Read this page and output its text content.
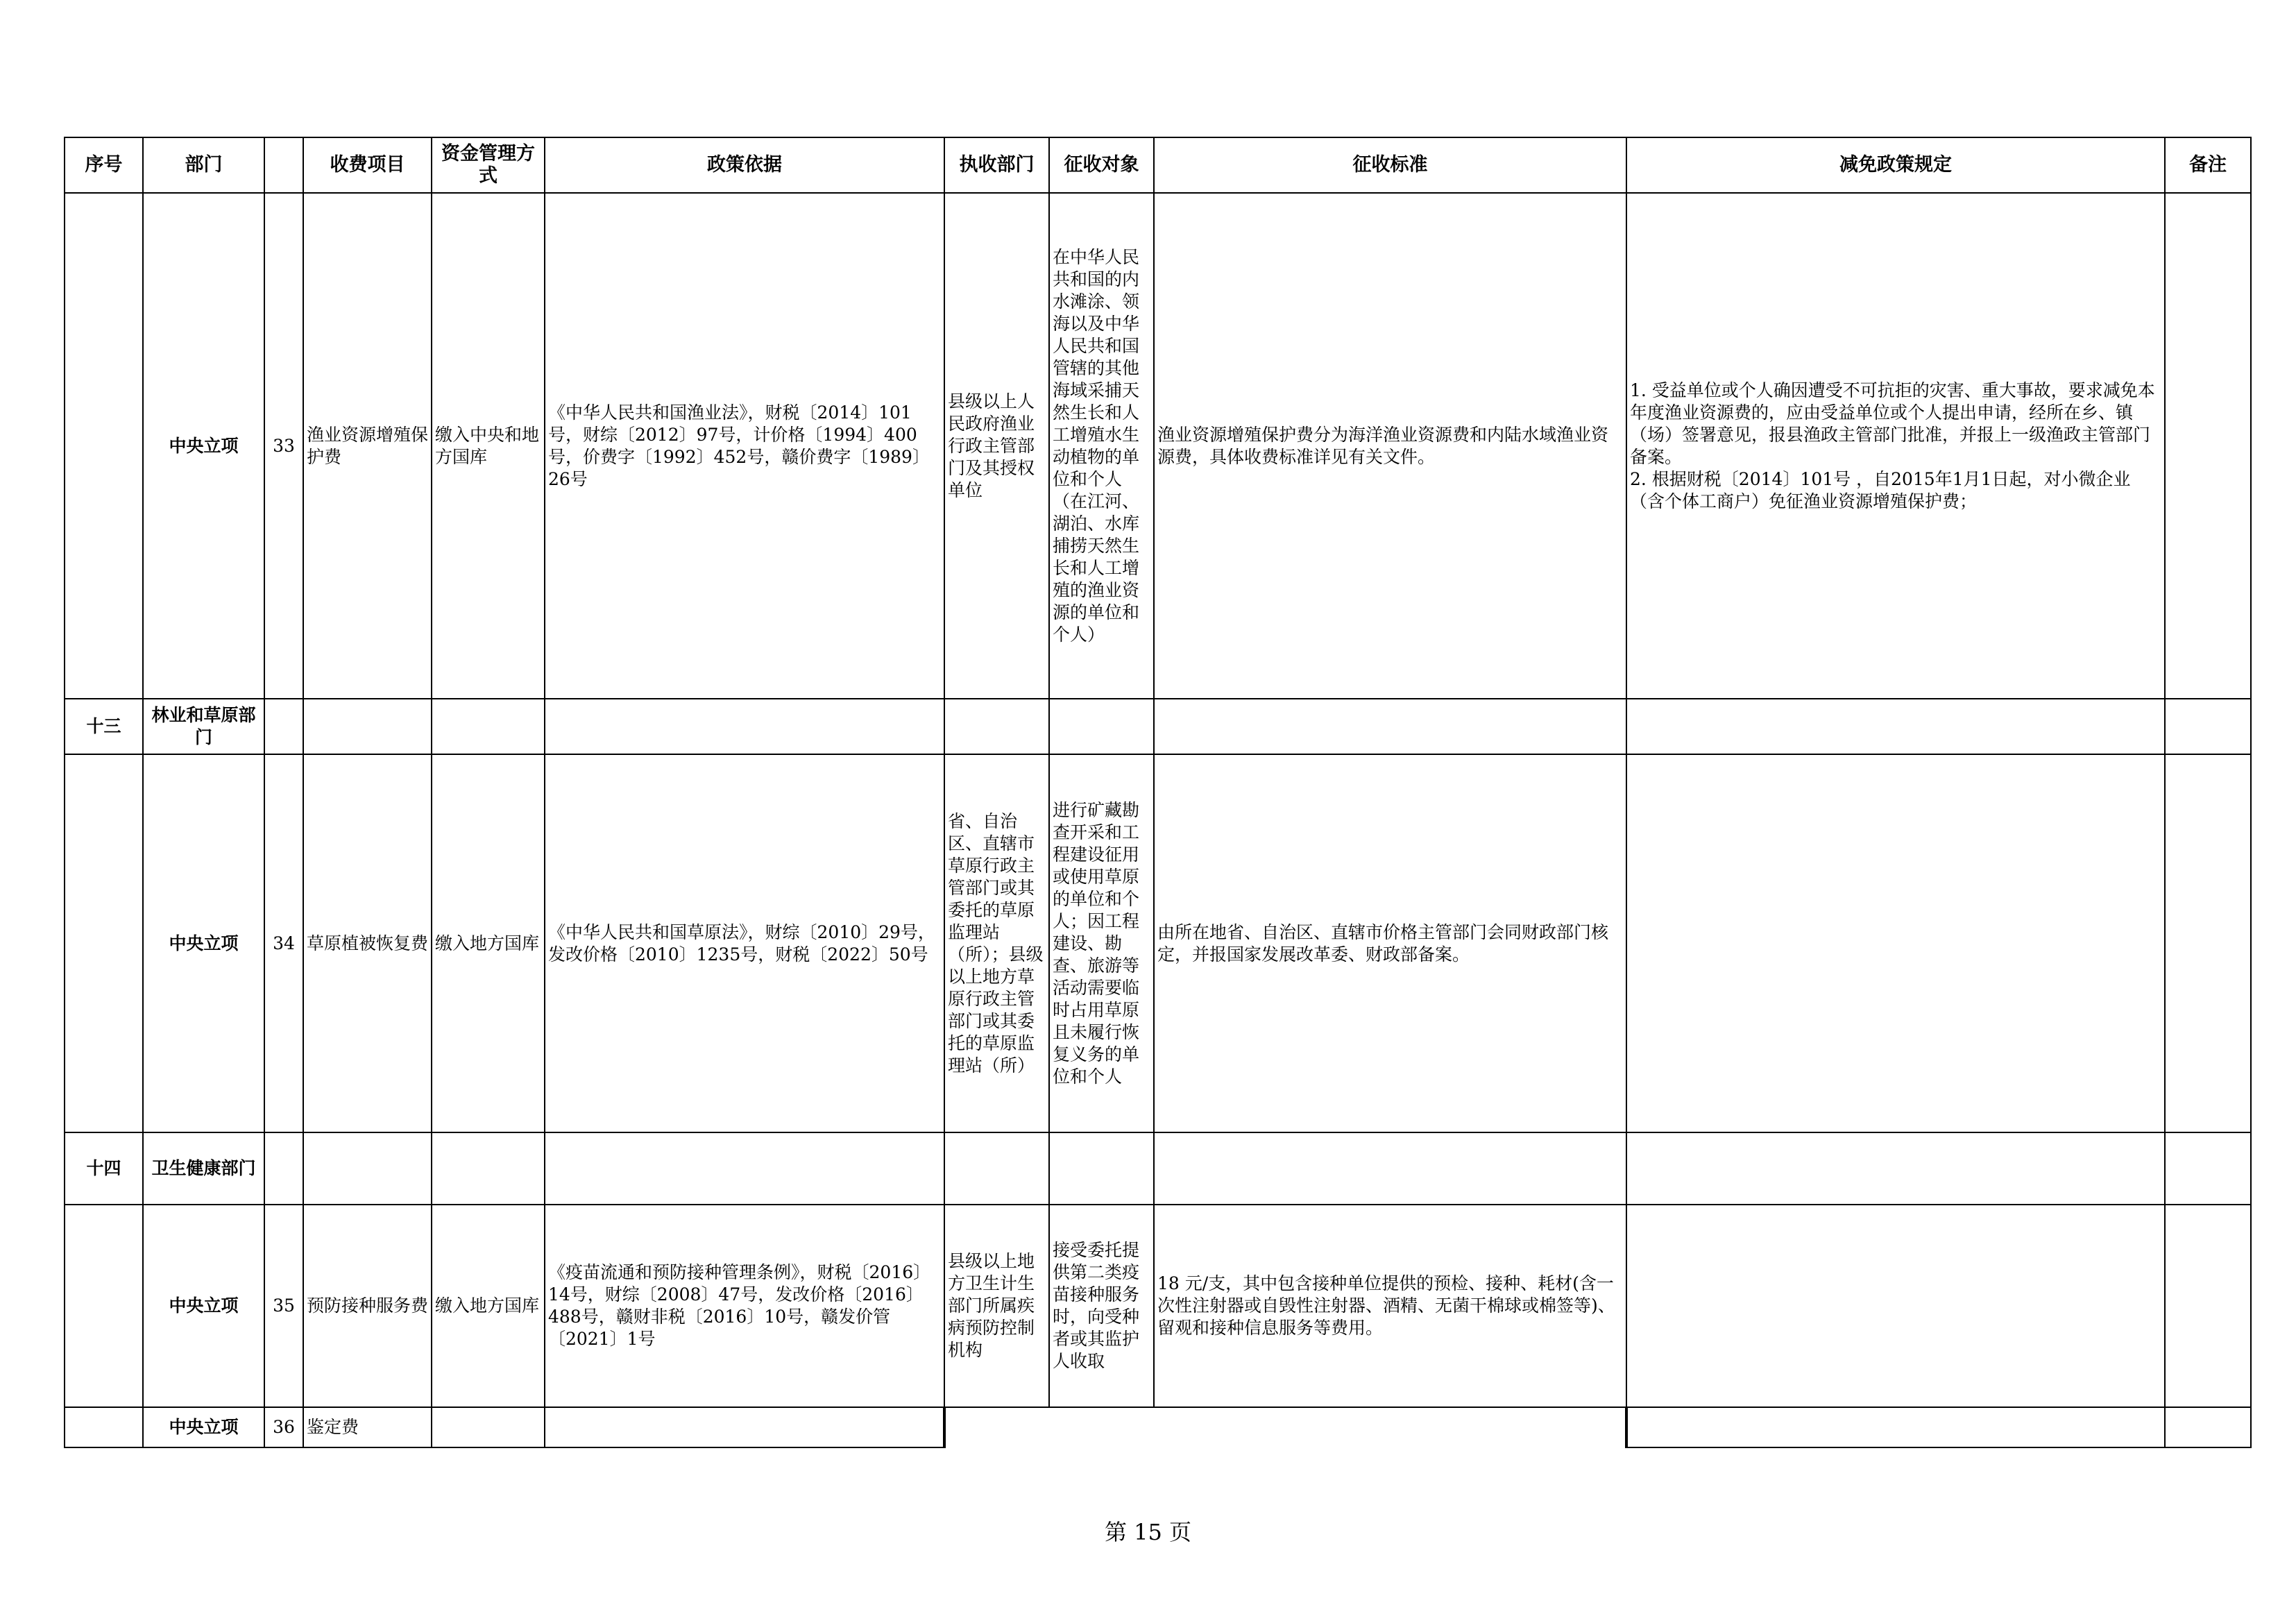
序号	部门		收费项目	资金管理方式	政策依据	执收部门	征收对象	征收标准	减免政策规定	备注
	中央立项	33	渔业资源增殖保护费	缴入中央和地方国库	《中华人民共和国渔业法》，财税〔2014〕101号，财综〔2012〕97号，计价格〔1994〕400号，价费字〔1992〕452号，赣价费字〔1989〕26号	县级以上人民政府渔业行政主管部门及其授权单位	在中华人民共和国的内水滩涂、领海以及中华人民共和国管辖的其他海域采捕天然生长和人工增殖水生动植物的单位和个人（在江河、湖泊、水库捕捞天然生长和人工增殖的渔业资源的单位和个人）	渔业资源增殖保护费分为海洋渔业资源费和内陆水域渔业资源费，具体收费标准详见有关文件。	1. 受益单位或个人确因遭受不可抗拒的灾害、重大事故，要求减免本年度渔业资源费的，应由受益单位或个人提出申请，经所在乡、镇（场）签署意见，报县渔政主管部门批准，并报上一级渔政主管部门备案。
2. 根据财税〔2014〕101号 ，自2015年1月1日起，对小微企业（含个体工商户）免征渔业资源增殖保护费；	

十三	林业和草原部门									
	中央立项	34	草原植被恢复费	缴入地方国库	《中华人民共和国草原法》，财综〔2010〕29号，发改价格〔2010〕1235号，财税〔2022〕50号	省、自治区、直辖市草原行政主管部门或其委托的草原监理站（所）；县级以上地方草原行政主管部门或其委托的草原监理站（所）	进行矿藏勘查开采和工程建设征用或使用草原的单位和个人；因工程建设、勘查、旅游等活动需要临时占用草原且未履行恢复义务的单位和个人	由所在地省、自治区、直辖市价格主管部门会同财政部门核定，并报国家发展改革委、财政部备案。		
十四	卫生健康部门									
	中央立项	35	预防接种服务费	缴入地方国库	《疫苗流通和预防接种管理条例》，财税〔2016〕14号，财综〔2008〕47号，发改价格〔2016〕488号，赣财非税〔2016〕10号，赣发价管〔2021〕1号	县级以上地方卫生计生部门所属疾病预防控制机构	接受委托提供第二类疫苗接种服务时，向受种者或其监护人收取	18 元/支，其中包含接种单位提供的预检、接种、耗材(含一次性注射器或自毁性注射器、酒精、无菌干棉球或棉签等)、留观和接种信息服务等费用。		
	中央立项	36	鉴定费							
第 15 页
